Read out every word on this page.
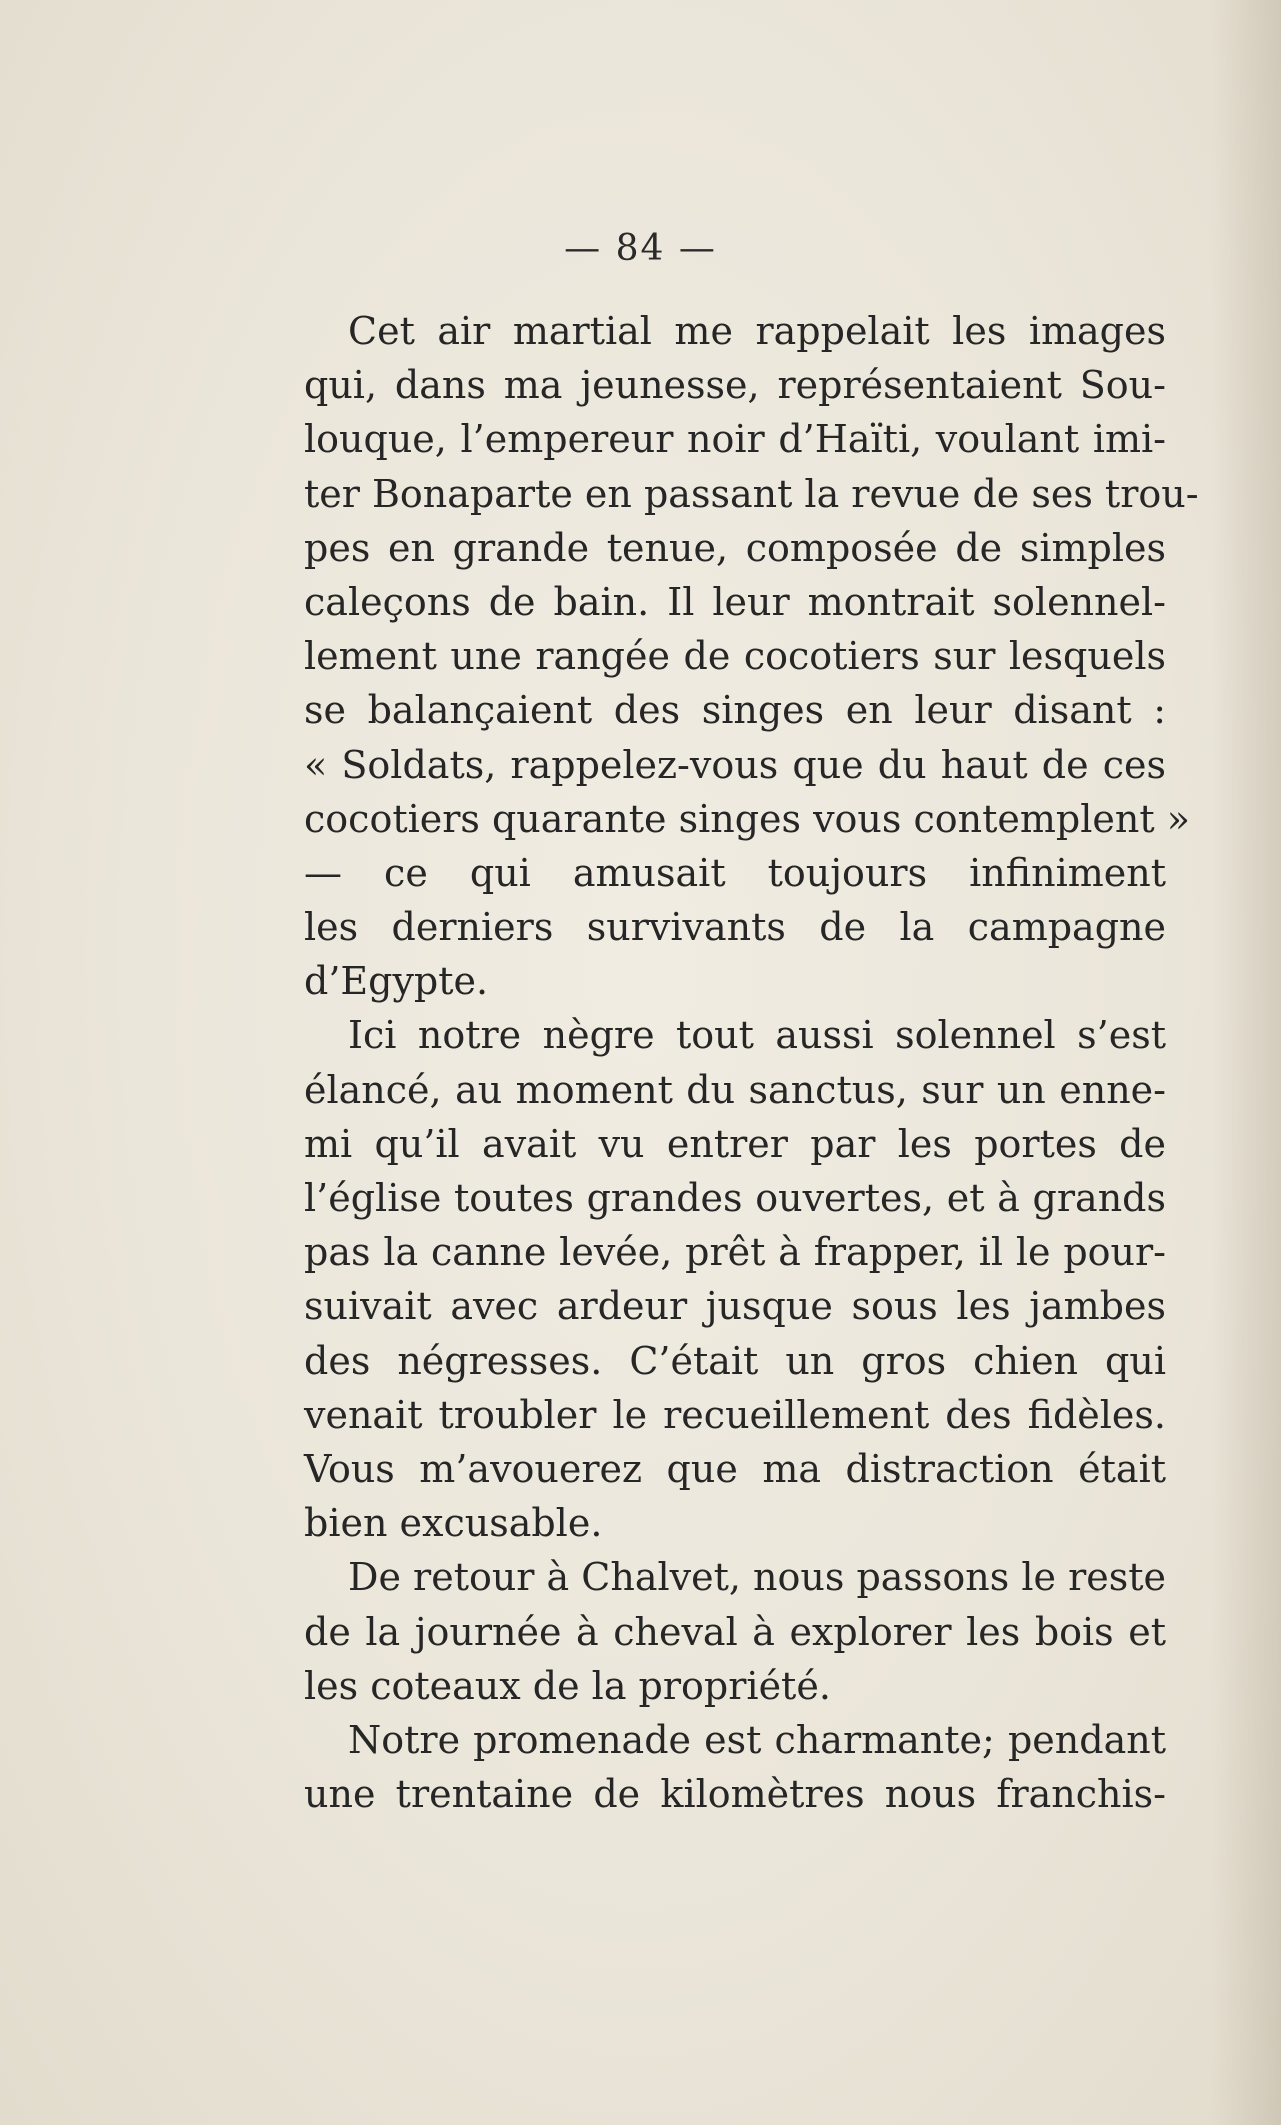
— 84 —
Cet air martial me rappelait les images
qui, dans ma jeunesse, représentaient Sou-
louque, l’empereur noir d’Haïti, voulant imi-
ter Bonaparte en passant la revue de ses trou-
pes en grande tenue, composée de simples
caleçons de bain. Il leur montrait solennel-
lement une rangée de cocotiers sur lesquels
se balançaient des singes en leur disant :
« Soldats, rappelez-vous que du haut de ces
cocotiers quarante singes vous contemplent »
— ce qui amusait toujours infiniment
les derniers survivants de la campagne
d’Egypte.
Ici notre nègre tout aussi solennel s’est
élancé, au moment du sanctus, sur un enne-
mi qu’il avait vu entrer par les portes de
l’église toutes grandes ouvertes, et à grands
pas la canne levée, prêt à frapper, il le pour-
suivait avec ardeur jusque sous les jambes
des négresses. C’était un gros chien qui
venait troubler le recueillement des fidèles.
Vous m’avouerez que ma distraction était
bien excusable.
De retour à Chalvet, nous passons le reste
de la journée à cheval à explorer les bois et
les coteaux de la propriété.
Notre promenade est charmante; pendant
une trentaine de kilomètres nous franchis-
